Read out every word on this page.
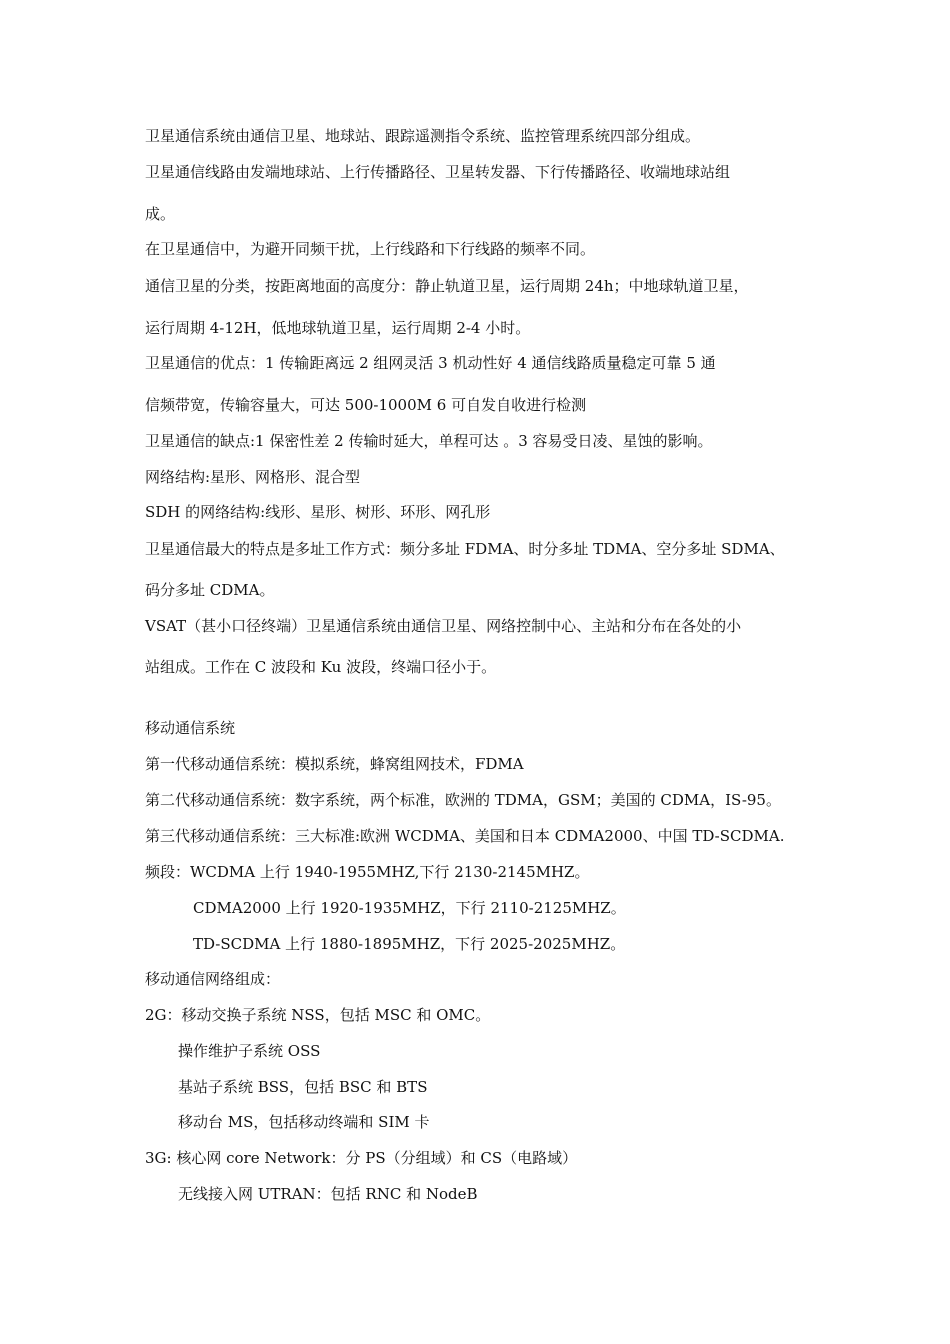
卫星通信系统由通信卫星、地球站、跟踪遥测指令系统、监控管理系统四部分组成。
卫星通信线路由发端地球站、上行传播路径、卫星转发器、下行传播路径、收端地球站组
成。
在卫星通信中，为避开同频干扰，上行线路和下行线路的频率不同。
通信卫星的分类，按距离地面的高度分：静止轨道卫星，运行周期 24h；中地球轨道卫星，
运行周期 4-12H，低地球轨道卫星，运行周期 2-4 小时。
卫星通信的优点：1 传输距离远 2 组网灵活 3 机动性好 4 通信线路质量稳定可靠 5 通
信频带宽，传输容量大，可达 500-1000M 6 可自发自收进行检测
卫星通信的缺点:1 保密性差 2 传输时延大，单程可达 。3 容易受日凌、星蚀的影响。
网络结构:星形、网格形、混合型
SDH 的网络结构:线形、星形、树形、环形、网孔形
卫星通信最大的特点是多址工作方式：频分多址 FDMA、时分多址 TDMA、空分多址 SDMA、
码分多址 CDMA。
VSAT（甚小口径终端）卫星通信系统由通信卫星、网络控制中心、主站和分布在各处的小
站组成。工作在 C 波段和 Ku 波段，终端口径小于。
移动通信系统
第一代移动通信系统：模拟系统，蜂窝组网技术，FDMA
第二代移动通信系统：数字系统，两个标准，欧洲的 TDMA，GSM；美国的 CDMA，IS-95。
第三代移动通信系统：三大标准:欧洲 WCDMA、美国和日本 CDMA2000、中国 TD-SCDMA.
频段：WCDMA 上行 1940-1955MHZ,下行 2130-2145MHZ。
CDMA2000 上行 1920-1935MHZ，下行 2110-2125MHZ。
TD-SCDMA 上行 1880-1895MHZ，下行 2025-2025MHZ。
移动通信网络组成：
2G：移动交换子系统 NSS，包括 MSC 和 OMC。
操作维护子系统 OSS
基站子系统 BSS，包括 BSC 和 BTS
移动台 MS，包括移动终端和 SIM 卡
3G: 核心网 core Network：分 PS（分组域）和 CS（电路域）
无线接入网 UTRAN：包括 RNC 和 NodeB
